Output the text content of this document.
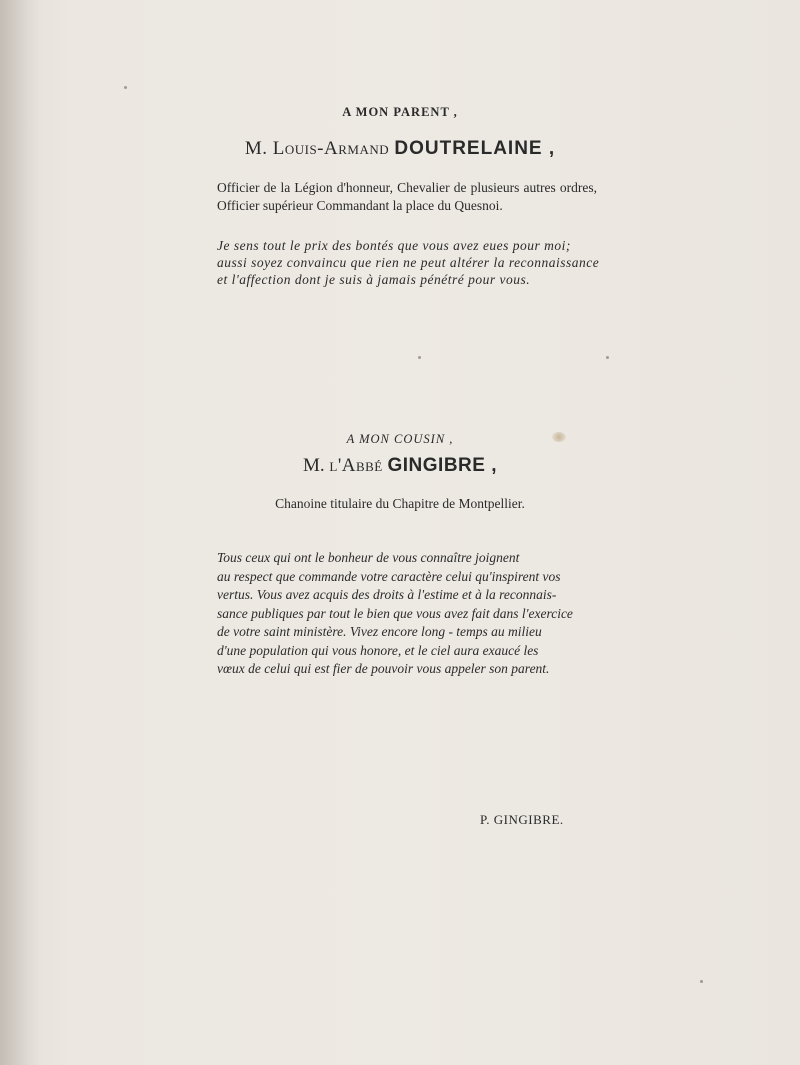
A MON PARENT ,
M. Louis-Armand DOUTRELAINE ,
Officier de la Légion d'honneur, Chevalier de plusieurs autres ordres, Officier supérieur Commandant la place du Quesnoi.
Je sens tout le prix des bontés que vous avez eues pour moi;
aussi soyez convaincu que rien ne peut altérer la reconnaissance
et l'affection dont je suis à jamais pénétré pour vous.
A MON COUSIN ,
M. l'Abbé GINGIBRE ,
Chanoine titulaire du Chapitre de Montpellier.
Tous ceux qui ont le bonheur de vous connaître joignent
au respect que commande votre caractère celui qu'inspirent vos
vertus. Vous avez acquis des droits à l'estime et à la reconnais-
sance publiques par tout le bien que vous avez fait dans l'exercice
de votre saint ministère. Vivez encore long - temps au milieu
d'une population qui vous honore, et le ciel aura exaucé les
vœux de celui qui est fier de pouvoir vous appeler son parent.
P. GINGIBRE.
